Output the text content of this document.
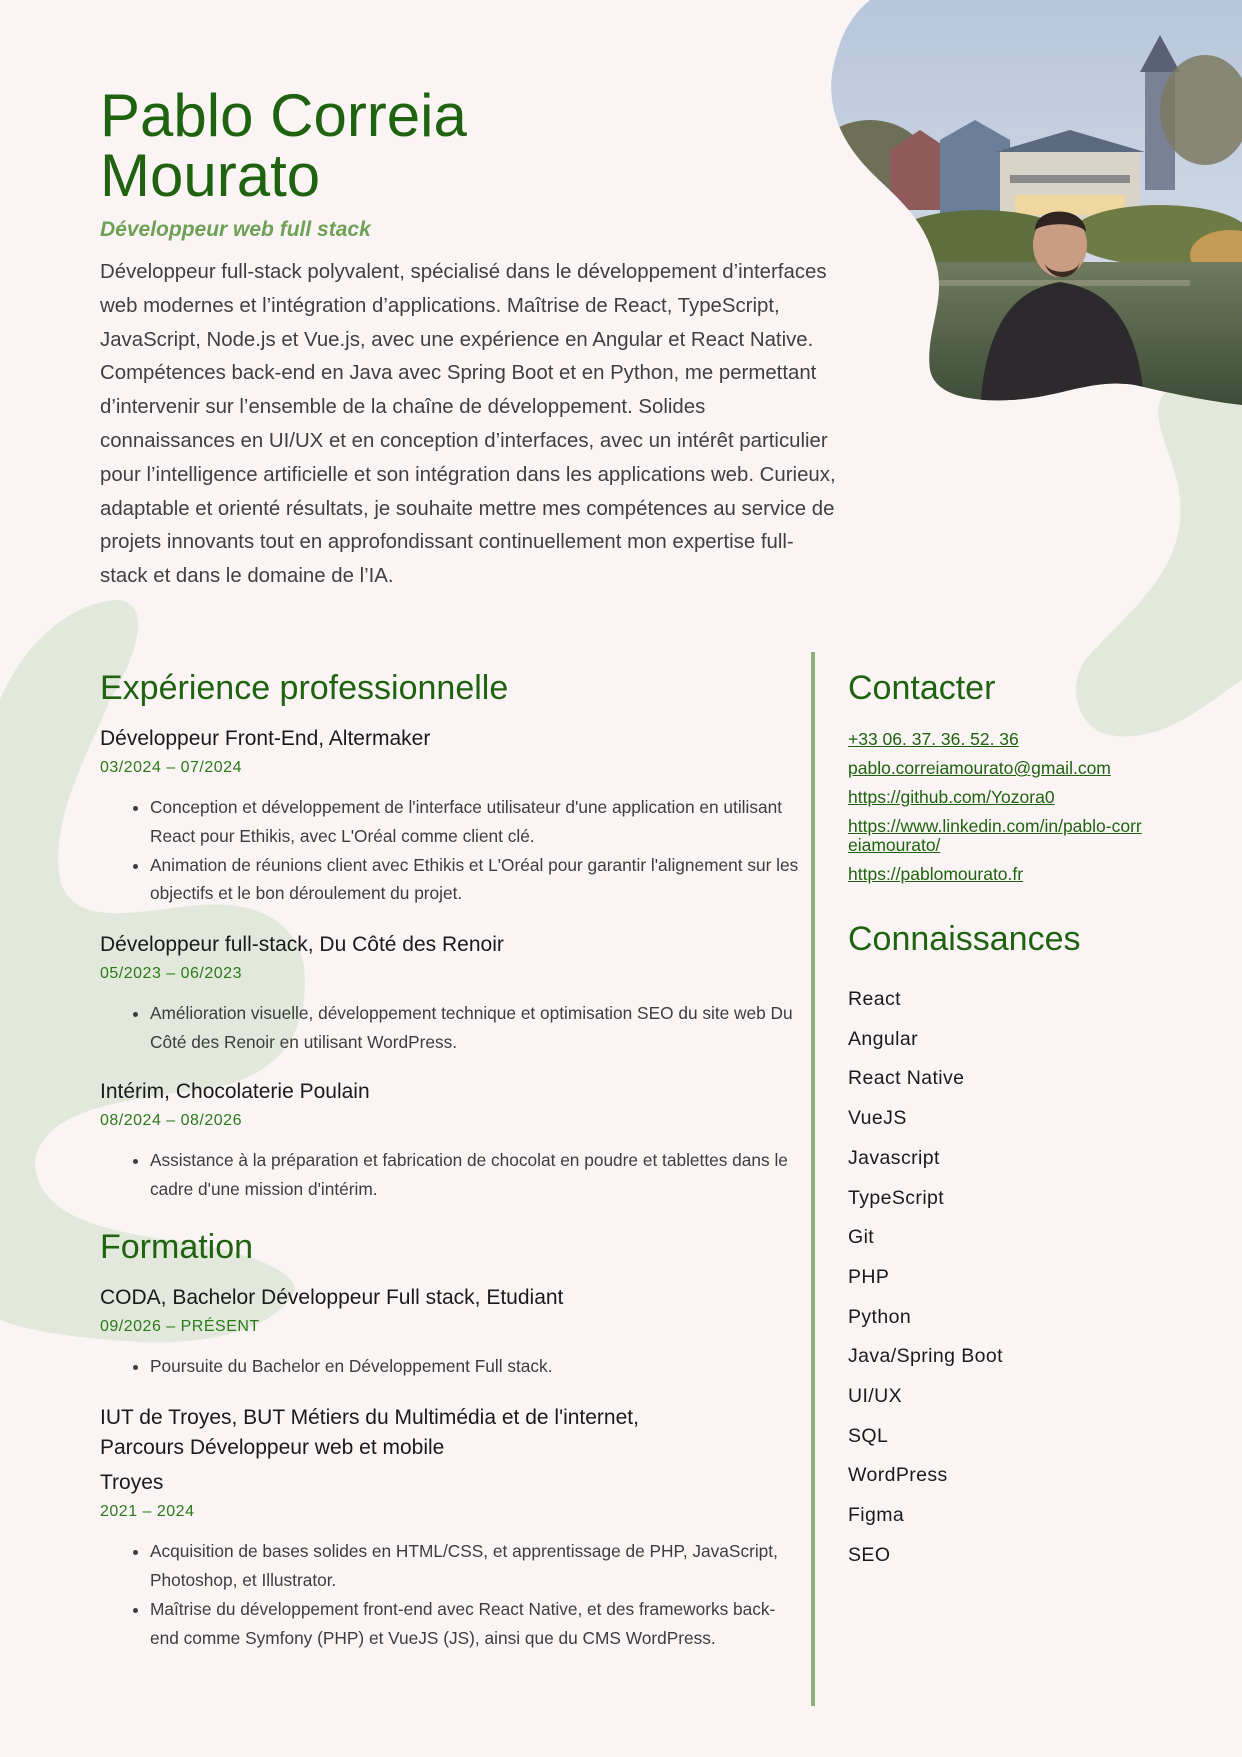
Pablo Correia
Mourato

Développeur web full stack

Développeur full-stack polyvalent, spécialisé dans le développement d’interfaces web modernes et l’intégration d’applications. Maîtrise de React, TypeScript, JavaScript, Node.js et Vue.js, avec une expérience en Angular et React Native. Compétences back-end en Java avec Spring Boot et en Python, me permettant d’intervenir sur l’ensemble de la chaîne de développement. Solides connaissances en UI/UX et en conception d’interfaces, avec un intérêt particulier pour l’intelligence artificielle et son intégration dans les applications web. Curieux, adaptable et orienté résultats, je souhaite mettre mes compétences au service de projets innovants tout en approfondissant continuellement mon expertise full-stack et dans le domaine de l’IA.

Expérience professionnelle

Développeur Front-End, Altermaker

03/2024 – 07/2024
• Conception et développement de l'interface utilisateur d'une application en utilisant React pour Ethikis, avec L'Oréal comme client clé.
• Animation de réunions client avec Ethikis et L'Oréal pour garantir l'alignement sur les objectifs et le bon déroulement du projet.

Développeur full-stack, Du Côté des Renoir

05/2023 – 06/2023
• Amélioration visuelle, développement technique et optimisation SEO du site web Du Côté des Renoir en utilisant WordPress.

Intérim, Chocolaterie Poulain

08/2024 – 08/2026
• Assistance à la préparation et fabrication de chocolat en poudre et tablettes dans le cadre d'une mission d'intérim.
Formation

CODA, Bachelor Développeur Full stack, Etudiant

09/2026 – PRÉSENT
• Poursuite du Bachelor en Développement Full stack.

IUT de Troyes, BUT Métiers du Multimédia et de l'internet, Parcours Développeur web et mobile

Troyes

2021 – 2024
• Acquisition de bases solides en HTML/CSS, et apprentissage de PHP, JavaScript, Photoshop, et Illustrator.
• Maîtrise du développement front-end avec React Native, et des frameworks back-end comme Symfony (PHP) et VueJS (JS), ainsi que du CMS WordPress.
Contacter
+33 06. 37. 36. 52. 36
pablo.correiamourato@gmail.com
https://github.com/Yozora0
https://www.linkedin.com/in/pablo-correiamourato/
https://pablomourato.fr
Connaissances
React
Angular
React Native
VueJS
Javascript
TypeScript
Git
PHP
Python
Java/Spring Boot
UI/UX
SQL
WordPress
Figma
SEO
